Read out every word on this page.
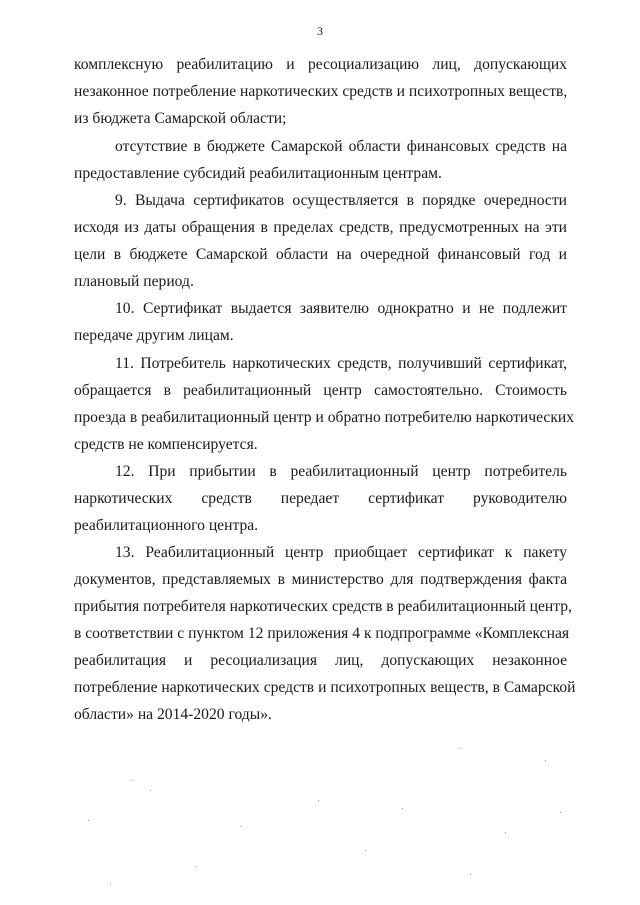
3
комплексную реабилитацию и ресоциализацию лиц, допускающих
незаконное потребление наркотических средств и психотропных веществ,
из бюджета Самарской области;
отсутствие в бюджете Самарской области финансовых средств на
предоставление субсидий реабилитационным центрам.
9. Выдача сертификатов осуществляется в порядке очередности
исходя из даты обращения в пределах средств, предусмотренных на эти
цели в бюджете Самарской области на очередной финансовый год и
плановый период.
10. Сертификат выдается заявителю однократно и не подлежит
передаче другим лицам.
11. Потребитель наркотических средств, получивший сертификат,
обращается в реабилитационный центр самостоятельно. Стоимость
проезда в реабилитационный центр и обратно потребителю наркотических
средств не компенсируется.
12. При прибытии в реабилитационный центр потребитель
наркотических средств передает сертификат руководителю
реабилитационного центра.
13. Реабилитационный центр приобщает сертификат к пакету
документов, представляемых в министерство для подтверждения факта
прибытия потребителя наркотических средств в реабилитационный центр,
в соответствии с пунктом 12 приложения 4 к подпрограмме «Комплексная
реабилитация и ресоциализация лиц, допускающих незаконное
потребление наркотических средств и психотропных веществ, в Самарской
области» на 2014-2020 годы».
